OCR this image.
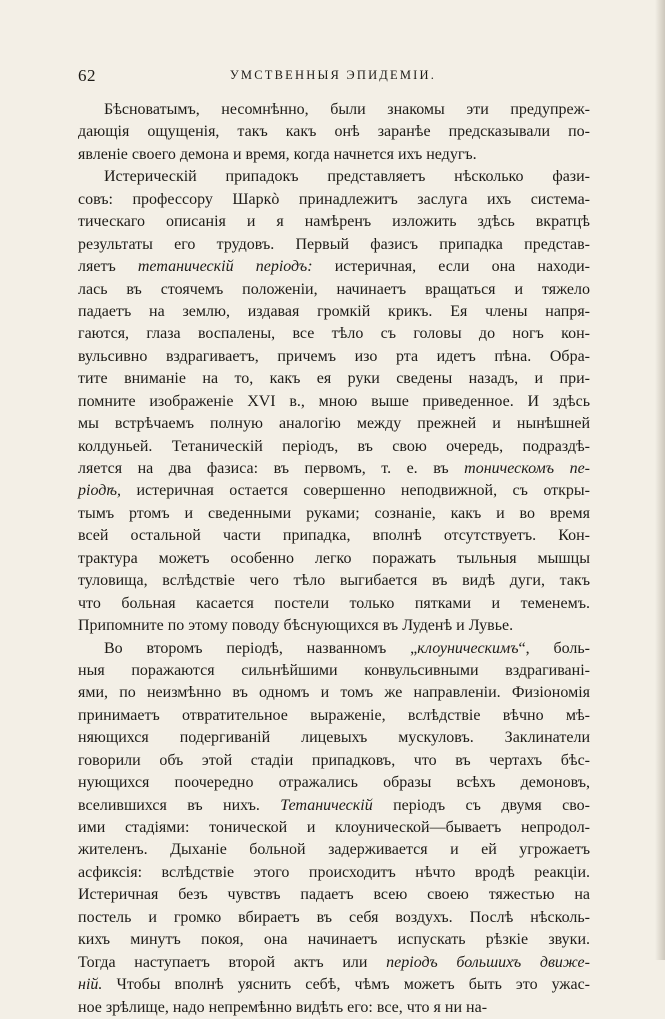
62	УМСТВЕННЫЯ ЭПИДЕМІИ.
Бѣсноватымъ, несомнѣнно, были знакомы эти предупреж-
дающія ощущенія, такъ какъ онѣ заранѣе предсказывали по-
явленіе своего демона и время, когда начнется ихъ недугъ.
Истерическій припадокъ представляетъ нѣсколько фази-
совъ: профессору Шаркò принадлежитъ заслуга ихъ система-
тическаго описанія и я намѣренъ изложить здѣсь вкратцѣ
результаты его трудовъ. Первый фазисъ припадка представ-
ляетъ тетаническій періодъ: истеричная, если она находи-
лась въ стоячемъ положеніи, начинаетъ вращаться и тяжело
падаетъ на землю, издавая громкій крикъ. Ея члены напря-
гаются, глаза воспалены, все тѣло съ головы до ногъ кон-
вульсивно вздрагиваетъ, причемъ изо рта идетъ пѣна. Обра-
тите вниманіе на то, какъ ея руки сведены назадъ, и при-
помните изображеніе XVI в., мною выше приведенное. И здѣсь
мы встрѣчаемъ полную аналогію между прежней и нынѣшней
колдуньей. Тетаническій періодъ, въ свою очередь, подраздѣ-
ляется на два фазиса: въ первомъ, т. е. въ тоническомъ пе-
ріодѣ, истеричная остается совершенно неподвижной, съ откры-
тымъ ртомъ и сведенными руками; сознаніе, какъ и во время
всей остальной части припадка, вполнѣ отсутствуетъ. Кон-
трактура можетъ особенно легко поражать тыльныя мышцы
туловища, вслѣдствіе чего тѣло выгибается въ видѣ дуги, такъ
что больная касается постели только пятками и теменемъ.
Припомните по этому поводу бѣснующихся въ Луденѣ и Лувье.
Во второмъ періодѣ, названномъ „клоуническимъ“, боль-
ныя поражаются сильнѣйшими конвульсивными вздрагивані-
ями, по неизмѣнно въ одномъ и томъ же направленіи. Физіономія
принимаетъ отвратительное выраженіе, вслѣдствіе вѣчно мѣ-
няющихся подергиваній лицевыхъ мускуловъ. Заклинатели
говорили объ этой стадіи припадковъ, что въ чертахъ бѣс-
нующихся поочередно отражались образы всѣхъ демоновъ,
вселившихся въ нихъ. Тетаническій періодъ съ двумя сво-
ими стадіями: тонической и клоунической—бываетъ непродол-
жителенъ. Дыханіе больной задерживается и ей угрожаетъ
асфиксія: вслѣдствіе этого происходитъ нѣчто вродѣ реакціи.
Истеричная безъ чувствъ падаетъ всею своею тяжестью на
постель и громко вбираетъ въ себя воздухъ. Послѣ нѣсколь-
кихъ минутъ покоя, она начинаетъ испускать рѣзкіе звуки.
Тогда наступаетъ второй актъ или періодъ большихъ движе-
ній. Чтобы вполнѣ уяснить себѣ, чѣмъ можетъ быть это ужас-
ное зрѣлище, надо непремѣнно видѣть его: все, что я ни на-
